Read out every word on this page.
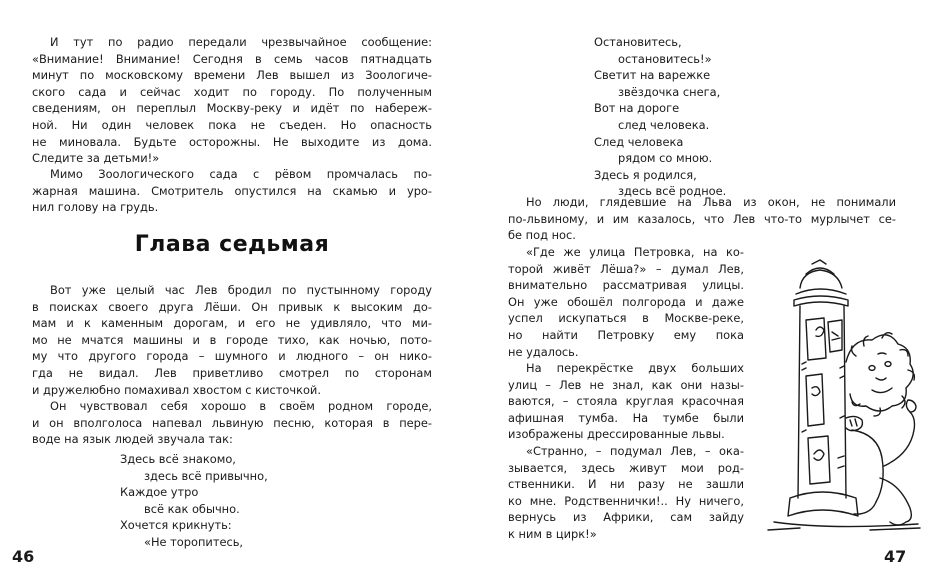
И тут по радио передали чрезвычайное сообщение:
«Внимание! Внимание! Сегодня в семь часов пятнадцать
минут по московскому времени Лев вышел из Зоологиче-
ского сада и сейчас ходит по городу. По полученным
сведениям, он переплыл Москву-реку и идёт по набереж-
ной. Ни один человек пока не съеден. Но опасность
не миновала. Будьте осторожны. Не выходите из дома.
Следите за детьми!»
Мимо Зоологического сада с рёвом промчалась по-
жарная машина. Смотритель опустился на скамью и уро-
нил голову на грудь.
Глава седьмая
Вот уже целый час Лев бродил по пустынному городу
в поисках своего друга Лёши. Он привык к высоким до-
мам и к каменным дорогам, и его не удивляло, что ми-
мо не мчатся машины и в городе тихо, как ночью, пото-
му что другого города – шумного и людного – он нико-
гда не видал. Лев приветливо смотрел по сторонам
и дружелюбно помахивал хвостом с кисточкой.
Он чувствовал себя хорошо в своём родном городе,
и он вполголоса напевал львиную песню, которая в пере-
воде на язык людей звучала так:
Здесь всё знакомо,
здесь всё привычно,
Каждое утро
всё как обычно.
Хочется крикнуть:
«Не торопитесь,
46
Остановитесь,
остановитесь!»
Светит на варежке
звёздочка снега,
Вот на дороге
след человека.
След человека
рядом со мною.
Здесь я родился,
здесь всё родное.
Но люди, глядевшие на Льва из окон, не понимали
по-львиному, и им казалось, что Лев что-то мурлычет се-
бе под нос.
«Где же улица Петровка, на ко-
торой живёт Лёша?» – думал Лев,
внимательно рассматривая улицы.
Он уже обошёл полгорода и даже
успел искупаться в Москве-реке,
но найти Петровку ему пока
не удалось.
На перекрёстке двух больших
улиц – Лев не знал, как они назы-
ваются, – стояла круглая красочная
афишная тумба. На тумбе были
изображены дрессированные львы.
«Странно, – подумал Лев, – ока-
зывается, здесь живут мои род-
ственники. И ни разу не зашли
ко мне. Родственнички!.. Ну ничего,
вернусь из Африки, сам зайду
к ним в цирк!»
47
